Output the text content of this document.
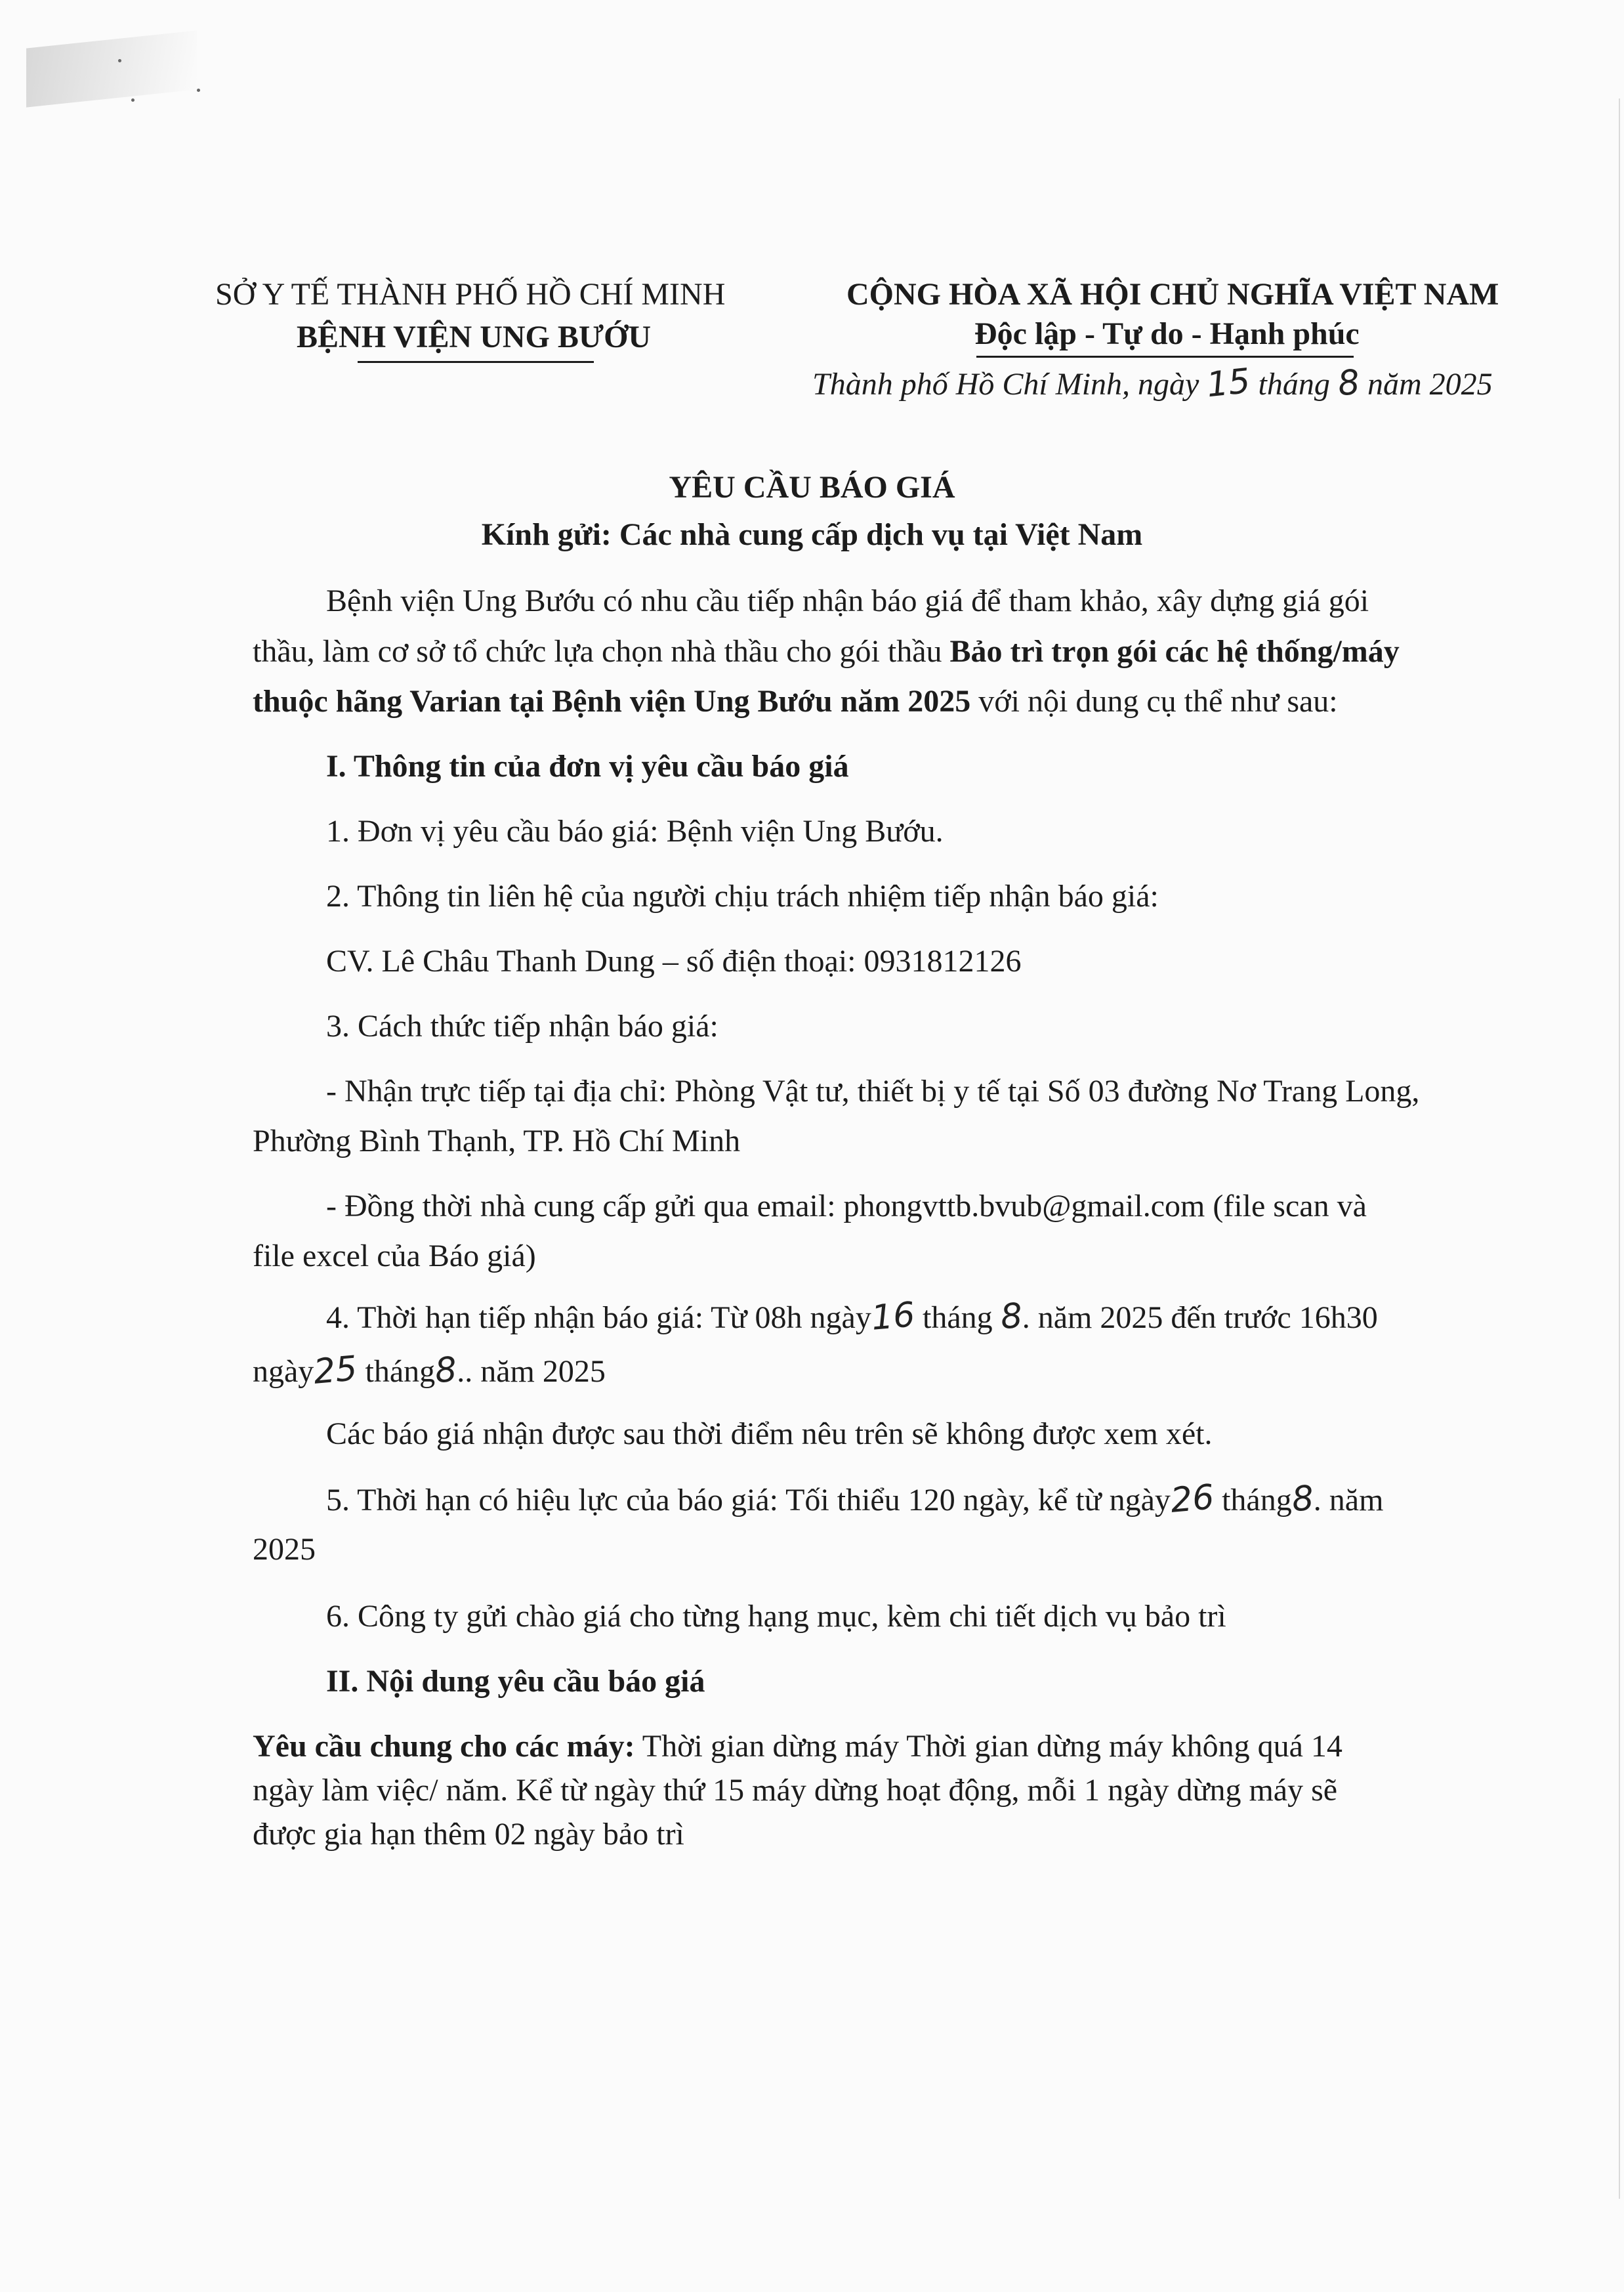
SỞ Y TẾ THÀNH PHỐ HỒ CHÍ MINH
BỆNH VIỆN UNG BƯỚU
CỘNG HÒA XÃ HỘI CHỦ NGHĨA VIỆT NAM
Độc lập - Tự do - Hạnh phúc
Thành phố Hồ Chí Minh, ngày 15 tháng 8 năm 2025
YÊU CẦU BÁO GIÁ
Kính gửi: Các nhà cung cấp dịch vụ tại Việt Nam
Bệnh viện Ung Bướu có nhu cầu tiếp nhận báo giá để tham khảo, xây dựng giá gói
thầu, làm cơ sở tổ chức lựa chọn nhà thầu cho gói thầu Bảo trì trọn gói các hệ thống/máy
thuộc hãng Varian tại Bệnh viện Ung Bướu năm 2025 với nội dung cụ thể như sau:
I. Thông tin của đơn vị yêu cầu báo giá
1. Đơn vị yêu cầu báo giá: Bệnh viện Ung Bướu.
2. Thông tin liên hệ của người chịu trách nhiệm tiếp nhận báo giá:
CV. Lê Châu Thanh Dung – số điện thoại: 0931812126
3. Cách thức tiếp nhận báo giá:
- Nhận trực tiếp tại địa chỉ: Phòng Vật tư, thiết bị y tế tại Số 03 đường Nơ Trang Long,
Phường Bình Thạnh, TP. Hồ Chí Minh
- Đồng thời nhà cung cấp gửi qua email: phongvttb.bvub@gmail.com (file scan và
file excel của Báo giá)
4. Thời hạn tiếp nhận báo giá: Từ 08h ngày16 tháng 8. năm 2025 đến trước 16h30
ngày25 tháng8.. năm 2025
Các báo giá nhận được sau thời điểm nêu trên sẽ không được xem xét.
5. Thời hạn có hiệu lực của báo giá: Tối thiểu 120 ngày, kể từ ngày26 tháng8. năm
2025
6. Công ty gửi chào giá cho từng hạng mục, kèm chi tiết dịch vụ bảo trì
II. Nội dung yêu cầu báo giá
Yêu cầu chung cho các máy: Thời gian dừng máy Thời gian dừng máy không quá 14
ngày làm việc/ năm. Kể từ ngày thứ 15 máy dừng hoạt động, mỗi 1 ngày dừng máy sẽ
được gia hạn thêm 02 ngày bảo trì
